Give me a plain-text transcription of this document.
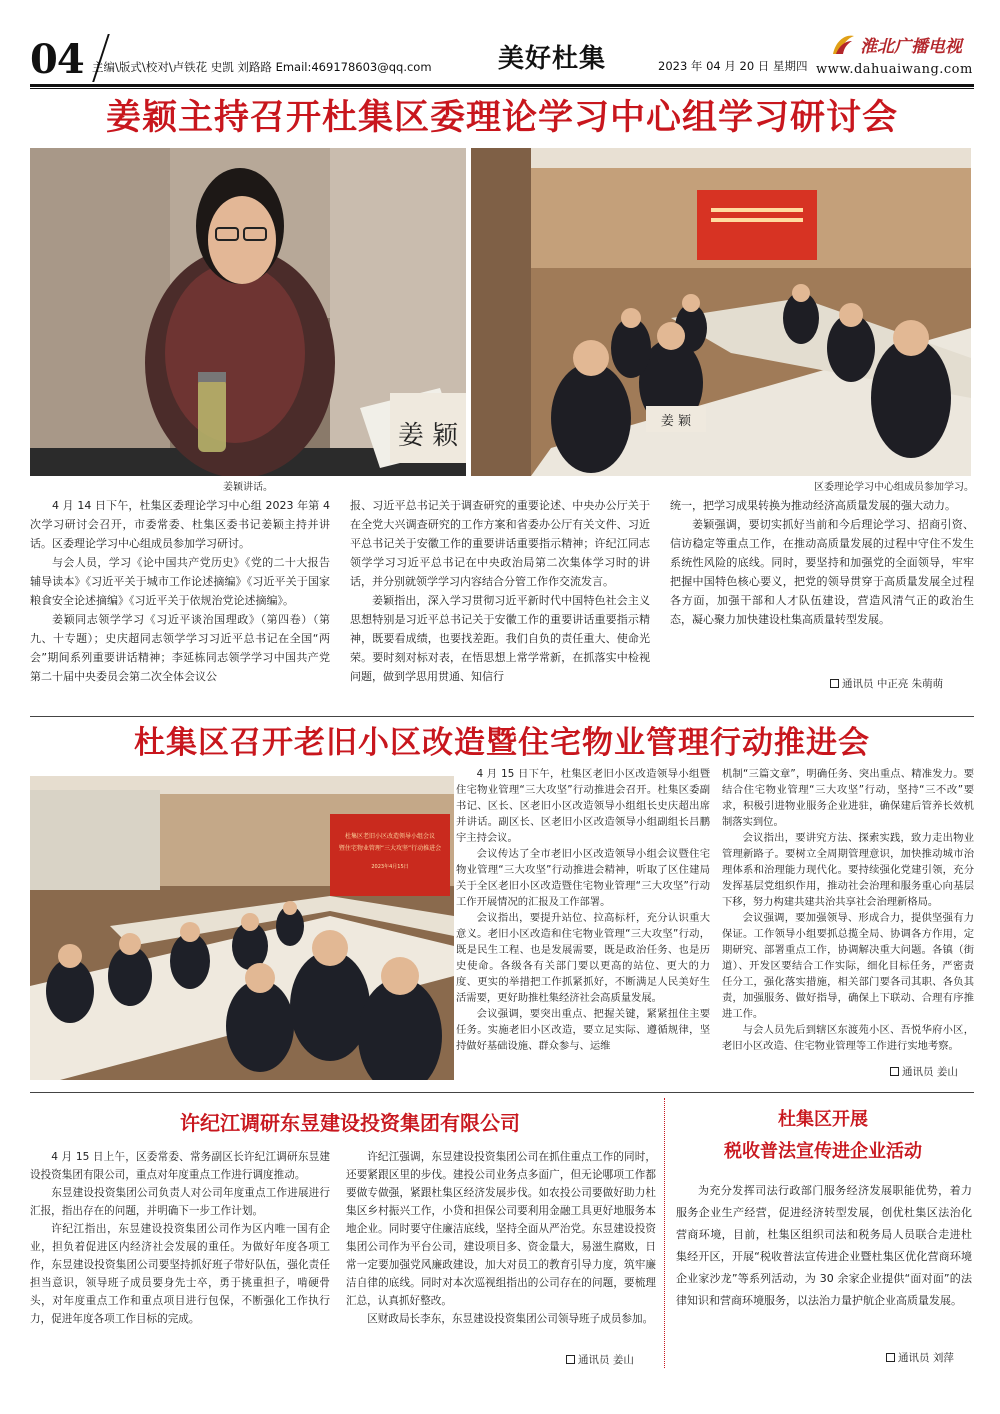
04 主编\版式\校对\卢铁花 史凯 刘路路 Email:469178603@qq.com	美好杜集	2023 年 04 月 20 日 星期四
淮北广播电视
www.dahuaiwang.com
姜颖主持召开杜集区委理论学习中心组学习研讨会
姜 颖	姜 颖
姜颖讲话。	区委理论学习中心组成员参加学习。

4 月 14 日下午，杜集区委理论学习中心组 2023 年第 4 次学习研讨会召开，市委常委、杜集区委书记姜颖主持并讲话。区委理论学习中心组成员参加学习研讨。

与会人员，学习《论中国共产党历史》《党的二十大报告辅导读本》《习近平关于城市工作论述摘编》《习近平关于国家粮食安全论述摘编》《习近平关于依规治党论述摘编》。

姜颖同志领学学习《习近平谈治国理政》（第四卷）（第九、十专题）；史庆超同志领学学习习近平总书记在全国“两会”期间系列重要讲话精神；李延栋同志领学学习中国共产党第二十届中央委员会第二次全体会议公

报、习近平总书记关于调查研究的重要论述、中央办公厅关于在全党大兴调查研究的工作方案和省委办公厅有关文件、习近平总书记关于安徽工作的重要讲话重要指示精神；许纪江同志领学学习习近平总书记在中央政治局第二次集体学习时的讲话，并分别就领学学习内容结合分管工作作交流发言。

姜颖指出，深入学习贯彻习近平新时代中国特色社会主义思想特别是习近平总书记关于安徽工作的重要讲话重要指示精神，既要看成绩，也要找差距。我们自负的责任重大、使命光荣。要时刻对标对表，在悟思想上常学常新，在抓落实中检视问题，做到学思用贯通、知信行

统一，把学习成果转换为推动经济高质量发展的强大动力。

姜颖强调，要切实抓好当前和今后理论学习、招商引资、信访稳定等重点工作，在推动高质量发展的过程中守住不发生系统性风险的底线。同时，要坚持和加强党的全面领导，牢牢把握中国特色核心要义，把党的领导贯穿于高质量发展全过程各方面，加强干部和人才队伍建设，营造风清气正的政治生态，凝心聚力加快建设杜集高质量转型发展。

通讯员 中正亮 朱萌萌
杜集区召开老旧小区改造暨住宅物业管理行动推进会
杜集区老旧小区改造领导小组会议
暨住宅物业管理“三大攻坚”行动推进会
2023年4月15日

4 月 15 日下午，杜集区老旧小区改造领导小组暨住宅物业管理“三大攻坚”行动推进会召开。杜集区委副书记、区长、区老旧小区改造领导小组组长史庆超出席并讲话。副区长、区老旧小区改造领导小组副组长吕鹏宇主持会议。

会议传达了全市老旧小区改造领导小组会议暨住宅物业管理“三大攻坚”行动推进会精神，听取了区住建局关于全区老旧小区改造暨住宅物业管理“三大攻坚”行动工作开展情况的汇报及工作部署。

会议指出，要提升站位、拉高标杆，充分认识重大意义。老旧小区改造和住宅物业管理“三大攻坚”行动，既是民生工程、也是发展需要，既是政治任务、也是历史使命。各级各有关部门要以更高的站位、更大的力度、更实的举措把工作抓紧抓好，不断满足人民美好生活需要，更好助推杜集经济社会高质量发展。

会议强调，要突出重点、把握关键，紧紧扭住主要任务。实施老旧小区改造，要立足实际、遵循规律，坚持做好基础设施、群众参与、运维

机制“三篇文章”，明确任务、突出重点、精准发力。要结合住宅物业管理“三大攻坚”行动，坚持“三不改”要求，积极引进物业服务企业进驻，确保建后管养长效机制落实到位。

会议指出，要讲究方法、探索实践，致力走出物业管理新路子。要树立全周期管理意识，加快推动城市治理体系和治理能力现代化。要持续强化党建引领，充分发挥基层党组织作用，推动社会治理和服务重心向基层下移，努力构建共建共治共享社会治理新格局。

会议强调，要加强领导、形成合力，提供坚强有力保证。工作领导小组要抓总揽全局、协调各方作用，定期研究、部署重点工作，协调解决重大问题。各镇（街道）、开发区要结合工作实际，细化目标任务，严密责任分工，强化落实措施，相关部门要各司其职、各负其责，加强服务、做好指导，确保上下联动、合理有序推进工作。

与会人员先后到辖区东渡苑小区、吾悦华府小区，老旧小区改造、住宅物业管理等工作进行实地考察。

通讯员 姜山
许纪江调研东昱建设投资集团有限公司

4 月 15 日上午，区委常委、常务副区长许纪江调研东昱建设投资集团有限公司，重点对年度重点工作进行调度推动。

东昱建设投资集团公司负责人对公司年度重点工作进展进行汇报，指出存在的问题，并明确下一步工作计划。

许纪江指出，东昱建设投资集团公司作为区内唯一国有企业，担负着促进区内经济社会发展的重任。为做好年度各项工作，东昱建设投资集团公司要坚持抓好班子带好队伍，强化责任担当意识，领导班子成员要身先士卒，勇于挑重担子，啃硬骨头，对年度重点工作和重点项目进行包保，不断强化工作执行力，促进年度各项工作目标的完成。

许纪江强调，东昱建设投资集团公司在抓住重点工作的同时，还要紧跟区里的步伐。建投公司业务点多面广，但无论哪项工作都要做专做强，紧跟杜集区经济发展步伐。如农投公司要做好助力杜集区乡村振兴工作，小贷和担保公司要利用金融工具更好地服务本地企业。同时要守住廉洁底线，坚持全面从严治党。东昱建设投资集团公司作为平台公司，建设项目多、资金量大，易滋生腐败，日常一定要加强党风廉政建设，加大对员工的教育引导力度，筑牢廉洁自律的底线。同时对本次巡视组指出的公司存在的问题，要梳理汇总，认真抓好整改。

区财政局长李东，东昱建设投资集团公司领导班子成员参加。

通讯员 姜山
杜集区开展
税收普法宣传进企业活动

为充分发挥司法行政部门服务经济发展职能优势，着力服务企业生产经营，促进经济转型发展，创优杜集区法治化营商环境，目前，杜集区组织司法和税务局人员联合走进杜集经开区，开展“税收普法宣传进企业暨杜集区优化营商环境企业家沙龙”等系列活动，为 30 余家企业提供“面对面”的法律知识和营商环境服务，以法治力量护航企业高质量发展。

通讯员 刘萍
